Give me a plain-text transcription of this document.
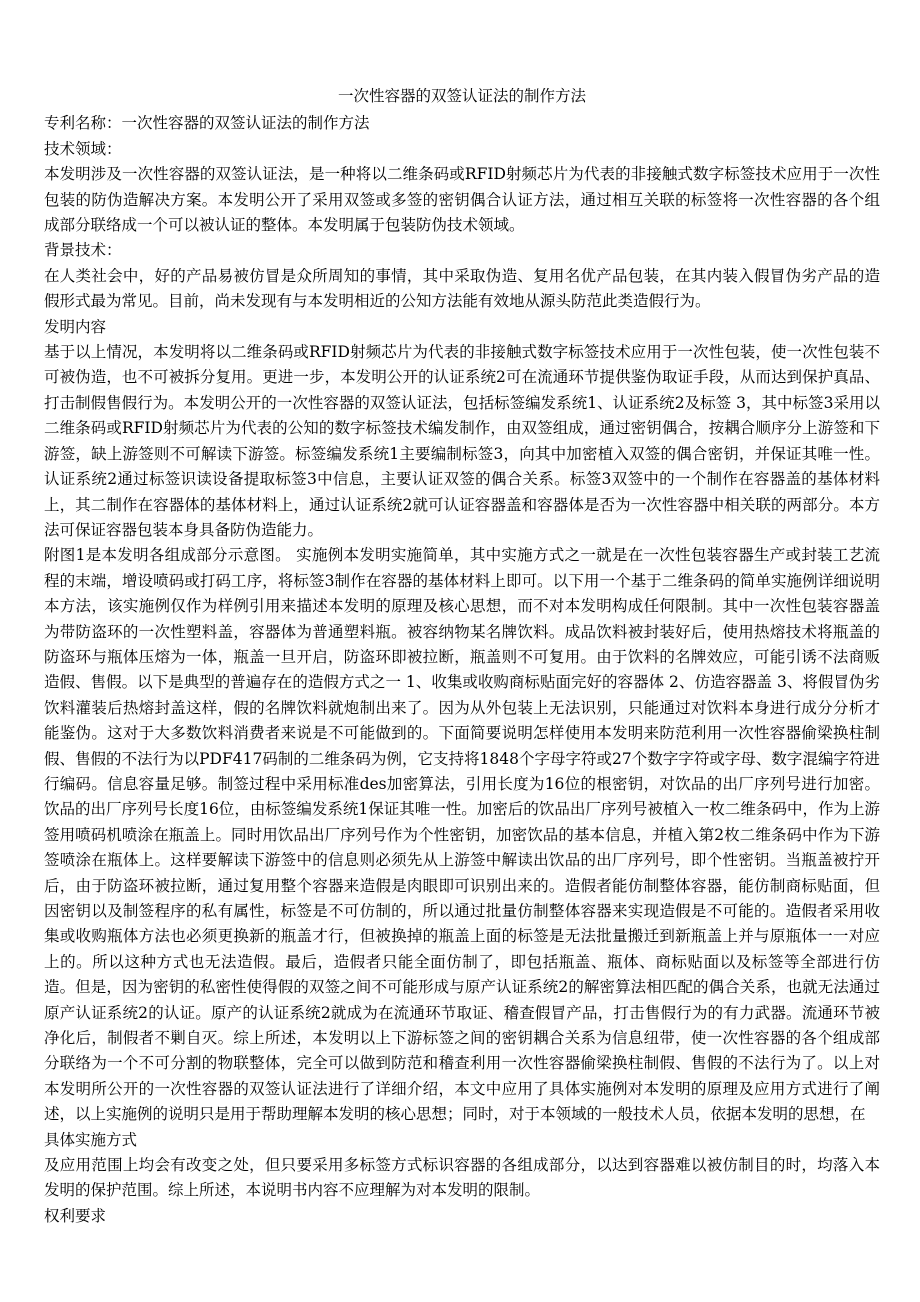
一次性容器的双签认证法的制作方法

专利名称：一次性容器的双签认证法的制作方法

技术领域：

本发明涉及一次性容器的双签认证法，是一种将以二维条码或RFID射频芯片为代表的非接触式数字标签技术应用于一次性包装的防伪造解决方案。本发明公开了采用双签或多签的密钥偶合认证方法，通过相互关联的标签将一次性容器的各个组成部分联络成一个可以被认证的整体。本发明属于包装防伪技术领域。

背景技术：

在人类社会中，好的产品易被仿冒是众所周知的事情，其中采取伪造、复用名优产品包装，在其内装入假冒伪劣产品的造假形式最为常见。目前，尚未发现有与本发明相近的公知方法能有效地从源头防范此类造假行为。

发明内容

基于以上情况，本发明将以二维条码或RFID射频芯片为代表的非接触式数字标签技术应用于一次性包装，使一次性包装不可被伪造，也不可被拆分复用。更进一步，本发明公开的认证系统2可在流通环节提供鉴伪取证手段，从而达到保护真品、打击制假售假行为。本发明公开的一次性容器的双签认证法，包括标签编发系统1、认证系统2及标签 3，其中标签3采用以二维条码或RFID射频芯片为代表的公知的数字标签技术编发制作，由双签组成，通过密钥偶合，按耦合顺序分上游签和下游签，缺上游签则不可解读下游签。标签编发系统1主要编制标签3，向其中加密植入双签的偶合密钥，并保证其唯一性。认证系统2通过标签识读设备提取标签3中信息，主要认证双签的偶合关系。标签3双签中的一个制作在容器盖的基体材料上，其二制作在容器体的基体材料上，通过认证系统2就可认证容器盖和容器体是否为一次性容器中相关联的两部分。本方法可保证容器包装本身具备防伪造能力。

附图1是本发明各组成部分示意图。 实施例本发明实施简单，其中实施方式之一就是在一次性包装容器生产或封装工艺流程的末端，增设喷码或打码工序，将标签3制作在容器的基体材料上即可。以下用一个基于二维条码的简单实施例详细说明本方法，该实施例仅作为样例引用来描述本发明的原理及核心思想，而不对本发明构成任何限制。其中一次性包装容器盖为带防盗环的一次性塑料盖，容器体为普通塑料瓶。被容纳物某名牌饮料。成品饮料被封装好后，使用热熔技术将瓶盖的防盗环与瓶体压熔为一体，瓶盖一旦开启，防盗环即被拉断，瓶盖则不可复用。由于饮料的名牌效应，可能引诱不法商贩造假、售假。以下是典型的普遍存在的造假方式之一 1、收集或收购商标贴面完好的容器体 2、仿造容器盖 3、将假冒伪劣饮料灌装后热熔封盖这样，假的名牌饮料就炮制出来了。因为从外包装上无法识别，只能通过对饮料本身进行成分分析才能鉴伪。这对于大多数饮料消费者来说是不可能做到的。下面简要说明怎样使用本发明来防范利用一次性容器偷梁换柱制假、售假的不法行为以PDF417码制的二维条码为例，它支持将1848个字母字符或27个数字字符或字母、数字混编字符进行编码。信息容量足够。制签过程中采用标准des加密算法，引用长度为16位的根密钥，对饮品的出厂序列号进行加密。饮品的出厂序列号长度16位，由标签编发系统1保证其唯一性。加密后的饮品出厂序列号被植入一枚二维条码中，作为上游签用喷码机喷涂在瓶盖上。同时用饮品出厂序列号作为个性密钥，加密饮品的基本信息，并植入第2枚二维条码中作为下游签喷涂在瓶体上。这样要解读下游签中的信息则必须先从上游签中解读出饮品的出厂序列号，即个性密钥。当瓶盖被拧开后，由于防盗环被拉断，通过复用整个容器来造假是肉眼即可识别出来的。造假者能仿制整体容器，能仿制商标贴面，但因密钥以及制签程序的私有属性，标签是不可仿制的，所以通过批量仿制整体容器来实现造假是不可能的。造假者采用收集或收购瓶体方法也必须更换新的瓶盖才行，但被换掉的瓶盖上面的标签是无法批量搬迁到新瓶盖上并与原瓶体一一对应上的。所以这种方式也无法造假。最后，造假者只能全面仿制了，即包括瓶盖、瓶体、商标贴面以及标签等全部进行仿造。但是，因为密钥的私密性使得假的双签之间不可能形成与原产认证系统2的解密算法相匹配的偶合关系，也就无法通过原产认证系统2的认证。原产的认证系统2就成为在流通环节取证、稽查假冒产品，打击售假行为的有力武器。流通环节被净化后，制假者不剿自灭。综上所述，本发明以上下游标签之间的密钥耦合关系为信息纽带，使一次性容器的各个组成部分联络为一个不可分割的物联整体，完全可以做到防范和稽查利用一次性容器偷梁换柱制假、售假的不法行为了。以上对本发明所公开的一次性容器的双签认证法进行了详细介绍，本文中应用了具体实施例对本发明的原理及应用方式进行了阐述，以上实施例的说明只是用于帮助理解本发明的核心思想；同时，对于本领域的一般技术人员，依据本发明的思想，在

具体实施方式

及应用范围上均会有改变之处，但只要采用多标签方式标识容器的各组成部分，以达到容器难以被仿制目的时，均落入本发明的保护范围。综上所述，本说明书内容不应理解为对本发明的限制。

权利要求
